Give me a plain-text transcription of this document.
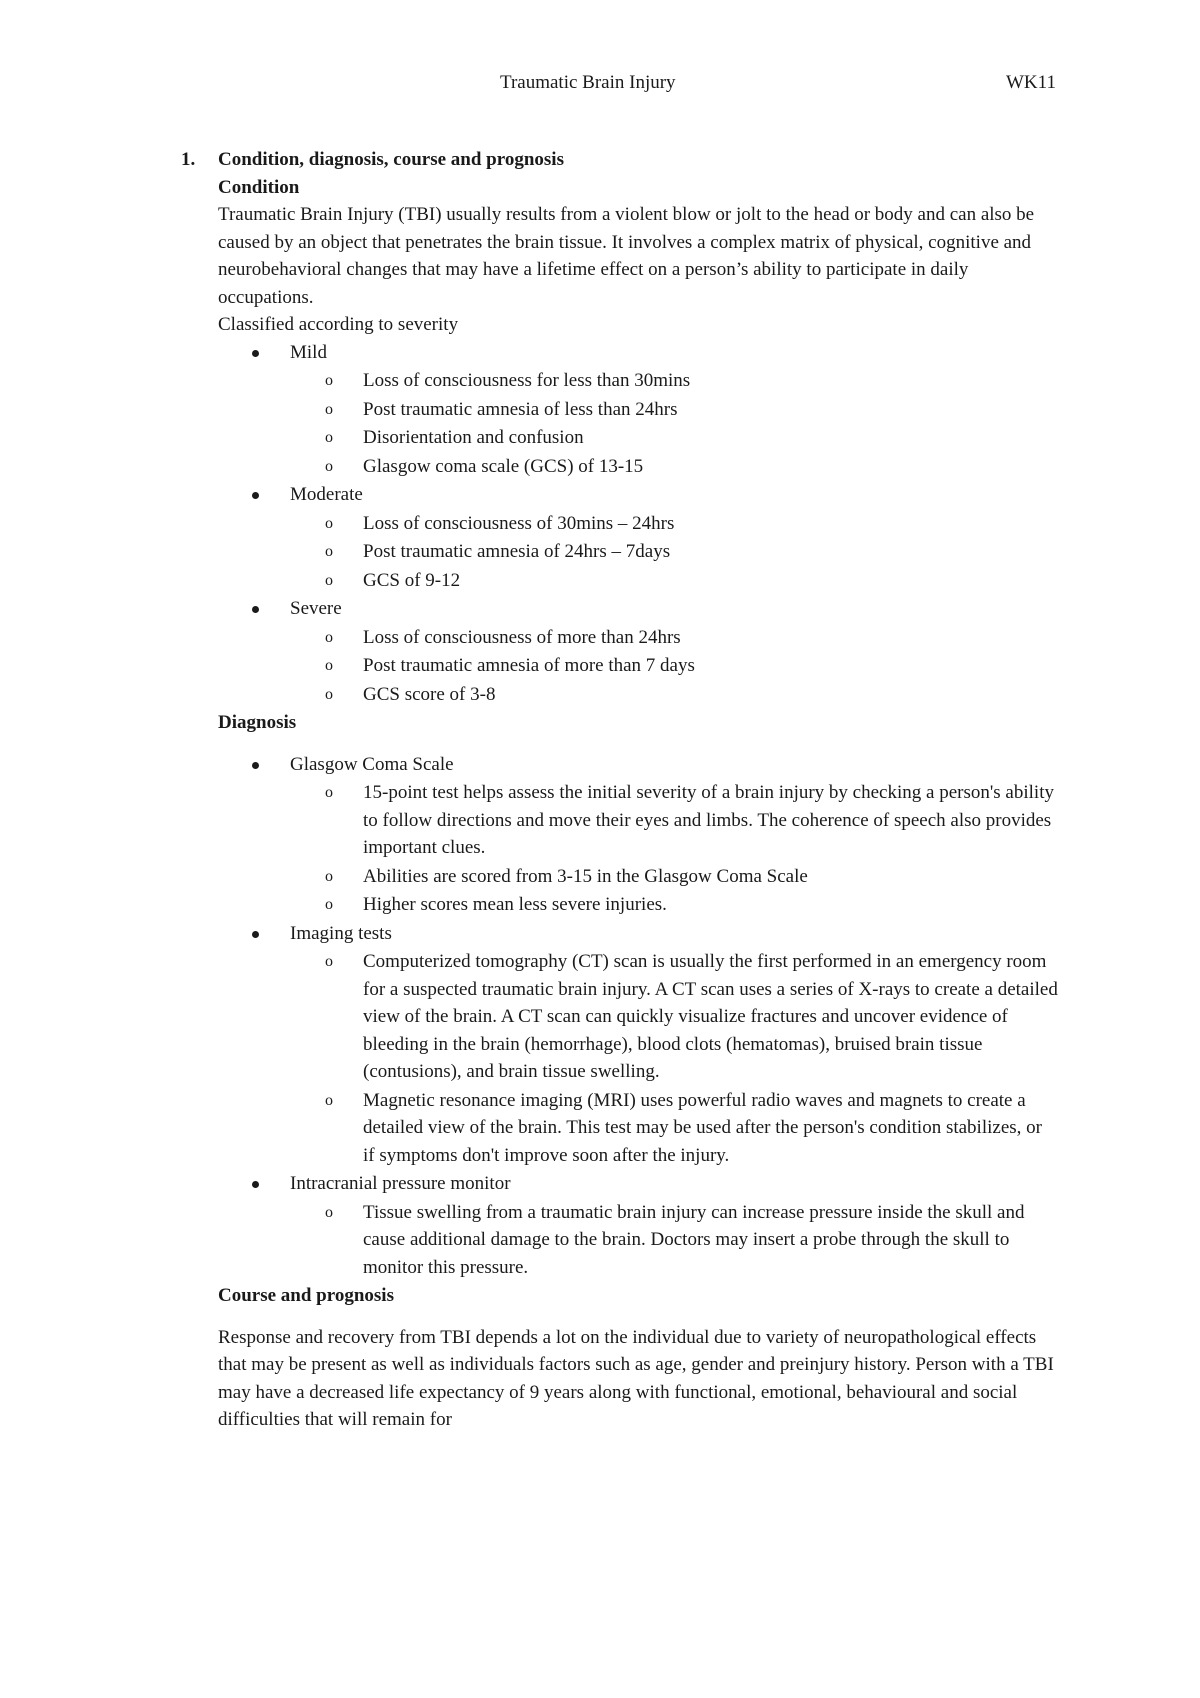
Traumatic Brain Injury	WK11
1. Condition, diagnosis, course and prognosis

Condition

Traumatic Brain Injury (TBI) usually results from a violent blow or jolt to the head or body and can also be caused by an object that penetrates the brain tissue. It involves a complex matrix of physical, cognitive and neurobehavioral changes that may have a lifetime effect on a person’s ability to participate in daily occupations.

Classified according to severity

Mild
o Loss of consciousness for less than 30mins
o Post traumatic amnesia of less than 24hrs
o Disorientation and confusion
o Glasgow coma scale (GCS) of 13-15
Moderate
o Loss of consciousness of 30mins – 24hrs
o Post traumatic amnesia of 24hrs – 7days
o GCS of 9-12
Severe
o Loss of consciousness of more than 24hrs
o Post traumatic amnesia of more than 7 days
o GCS score of 3-8

Diagnosis

Glasgow Coma Scale
o 15-point test helps assess the initial severity of a brain injury by checking a person's ability to follow directions and move their eyes and limbs. The coherence of speech also provides important clues.
o Abilities are scored from 3-15 in the Glasgow Coma Scale
o Higher scores mean less severe injuries.
Imaging tests
o Computerized tomography (CT) scan is usually the first performed in an emergency room for a suspected traumatic brain injury. A CT scan uses a series of X-rays to create a detailed view of the brain. A CT scan can quickly visualize fractures and uncover evidence of bleeding in the brain (hemorrhage), blood clots (hematomas), bruised brain tissue (contusions), and brain tissue swelling.
o Magnetic resonance imaging (MRI) uses powerful radio waves and magnets to create a detailed view of the brain. This test may be used after the person's condition stabilizes, or if symptoms don't improve soon after the injury.
Intracranial pressure monitor
o Tissue swelling from a traumatic brain injury can increase pressure inside the skull and cause additional damage to the brain. Doctors may insert a probe through the skull to monitor this pressure.

Course and prognosis

Response and recovery from TBI depends a lot on the individual due to variety of neuropathological effects that may be present as well as individuals factors such as age, gender and preinjury history. Person with a TBI may have a decreased life expectancy of 9 years along with functional, emotional, behavioural and social difficulties that will remain for
